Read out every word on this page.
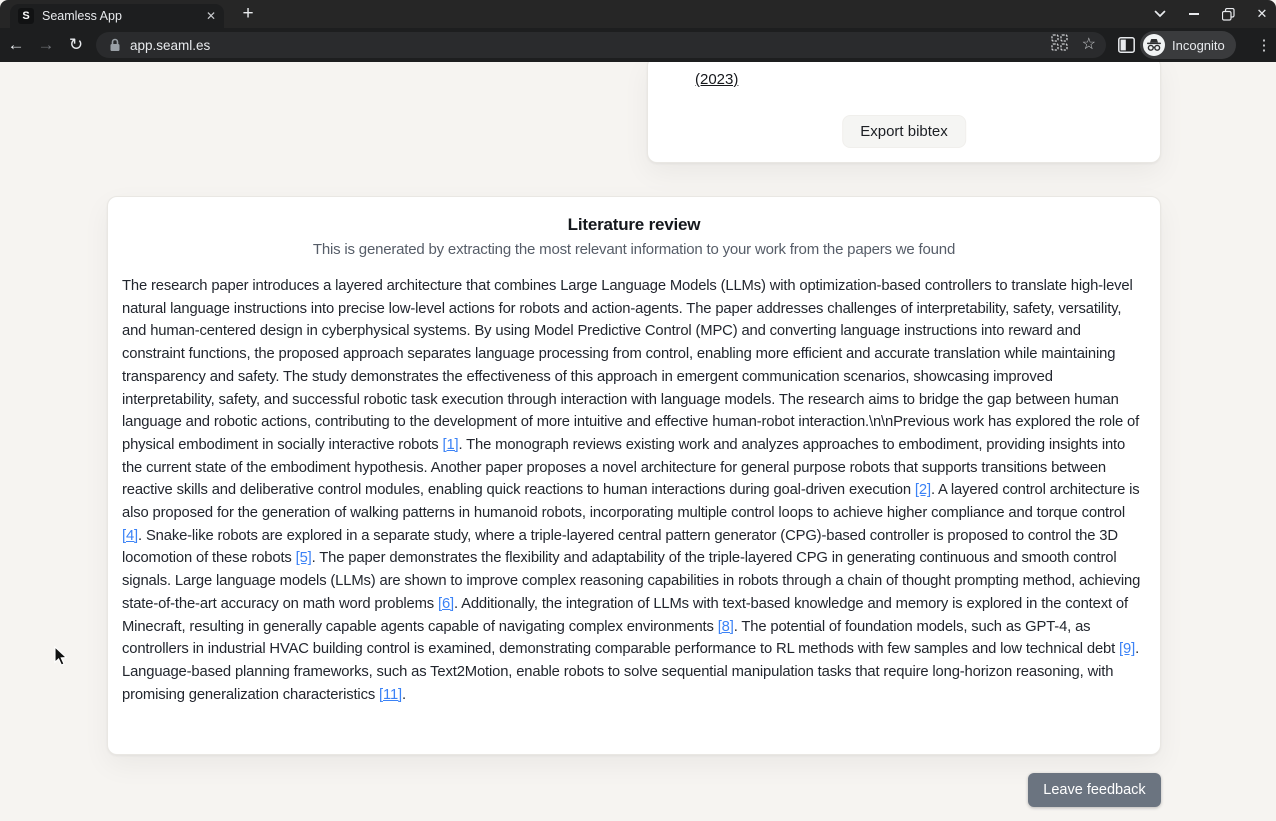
S Seamless App	✕	+	✕
← → ↻	app.seaml.es	☆	Incognito	⋮
(2023)
Export bibtex
Literature review
This is generated by extracting the most relevant information to your work from the papers we found

The research paper introduces a layered architecture that combines Large Language Models (LLMs) with optimization-based controllers to translate high-level natural language instructions into precise low-level actions for robots and action-agents. The paper addresses challenges of interpretability, safety, versatility, and human-centered design in cyberphysical systems. By using Model Predictive Control (MPC) and converting language instructions into reward and constraint functions, the proposed approach separates language processing from control, enabling more efficient and accurate translation while maintaining transparency and safety. The study demonstrates the effectiveness of this approach in emergent communication scenarios, showcasing improved interpretability, safety, and successful robotic task execution through interaction with language models. The research aims to bridge the gap between human language and robotic actions, contributing to the development of more intuitive and effective human-robot interaction.\n\nPrevious work has explored the role of physical embodiment in socially interactive robots [1]. The monograph reviews existing work and analyzes approaches to embodiment, providing insights into the current state of the embodiment hypothesis. Another paper proposes a novel architecture for general purpose robots that supports transitions between reactive skills and deliberative control modules, enabling quick reactions to human interactions during goal-driven execution [2]. A layered control architecture is also proposed for the generation of walking patterns in humanoid robots, incorporating multiple control loops to achieve higher compliance and torque control [4]. Snake-like robots are explored in a separate study, where a triple-layered central pattern generator (CPG)-based controller is proposed to control the 3D locomotion of these robots [5]. The paper demonstrates the flexibility and adaptability of the triple-layered CPG in generating continuous and smooth control signals. Large language models (LLMs) are shown to improve complex reasoning capabilities in robots through a chain of thought prompting method, achieving state-of-the-art accuracy on math word problems [6]. Additionally, the integration of LLMs with text-based knowledge and memory is explored in the context of Minecraft, resulting in generally capable agents capable of navigating complex environments [8]. The potential of foundation models, such as GPT-4, as controllers in industrial HVAC building control is examined, demonstrating comparable performance to RL methods with few samples and low technical debt [9]. Language-based planning frameworks, such as Text2Motion, enable robots to solve sequential manipulation tasks that require long-horizon reasoning, with promising generalization characteristics [11].

Leave feedback
